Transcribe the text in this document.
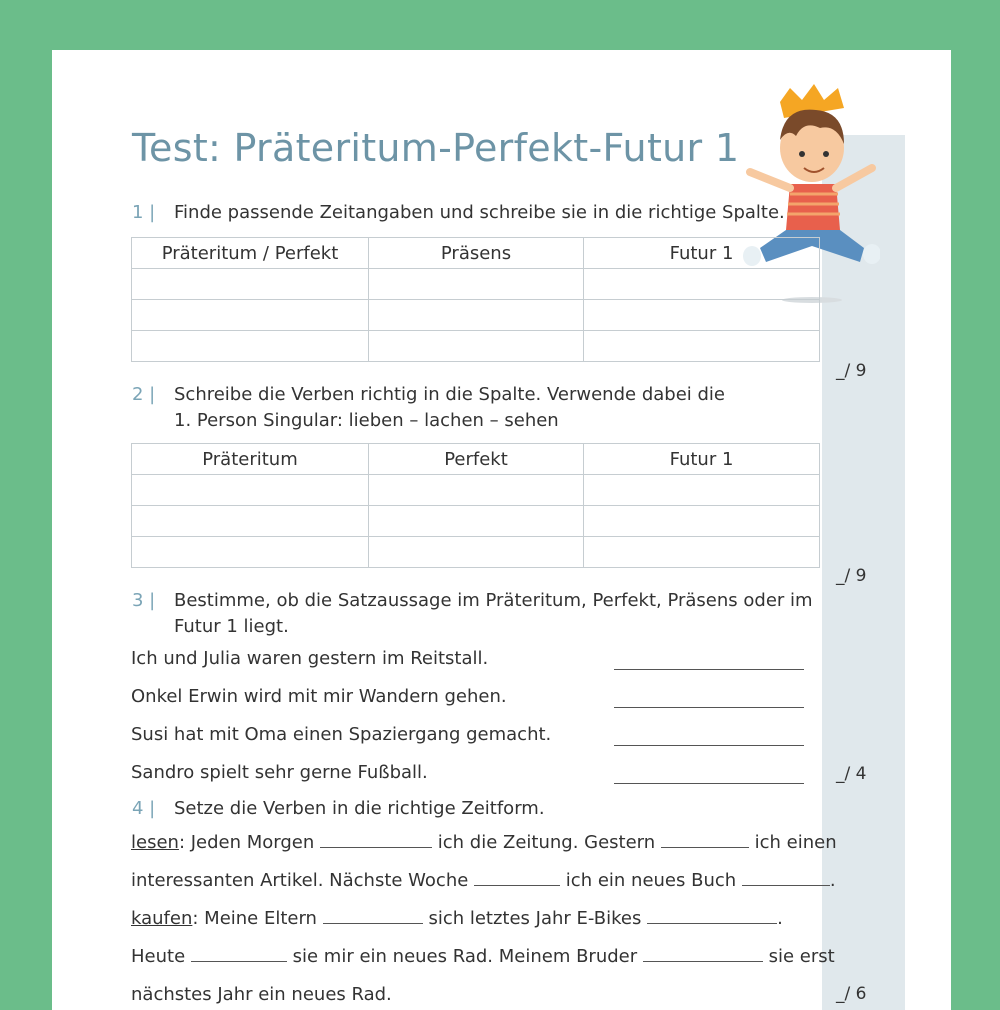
Test: Präteritum-Perfekt-Futur 1
1 | Finde passende Zeitangaben und schreibe sie in die richtige Spalte.
Präteritum / Perfekt	Präsens	Futur 1

_/ 9
2 | Schreibe die Verben richtig in die Spalte. Verwende dabei die
1. Person Singular: lieben – lachen – sehen
Präteritum	Perfekt	Futur 1

_/ 9
3 | Bestimme, ob die Satzaussage im Präteritum, Perfekt, Präsens oder im
Futur 1 liegt.
Ich und Julia waren gestern im Reitstall.
Onkel Erwin wird mit mir Wandern gehen.
Susi hat mit Oma einen Spaziergang gemacht.
Sandro spielt sehr gerne Fußball.	_/ 4
4 | Setze die Verben in die richtige Zeitform.
lesen: Jeden Morgen	ich die Zeitung. Gestern	ich einen
interessanten Artikel. Nächste Woche	ich ein neues Buch	.
kaufen: Meine Eltern	sich letztes Jahr E-Bikes	.
Heute	sie mir ein neues Rad. Meinem Bruder	sie erst
nächstes Jahr ein neues Rad.	_/ 6
